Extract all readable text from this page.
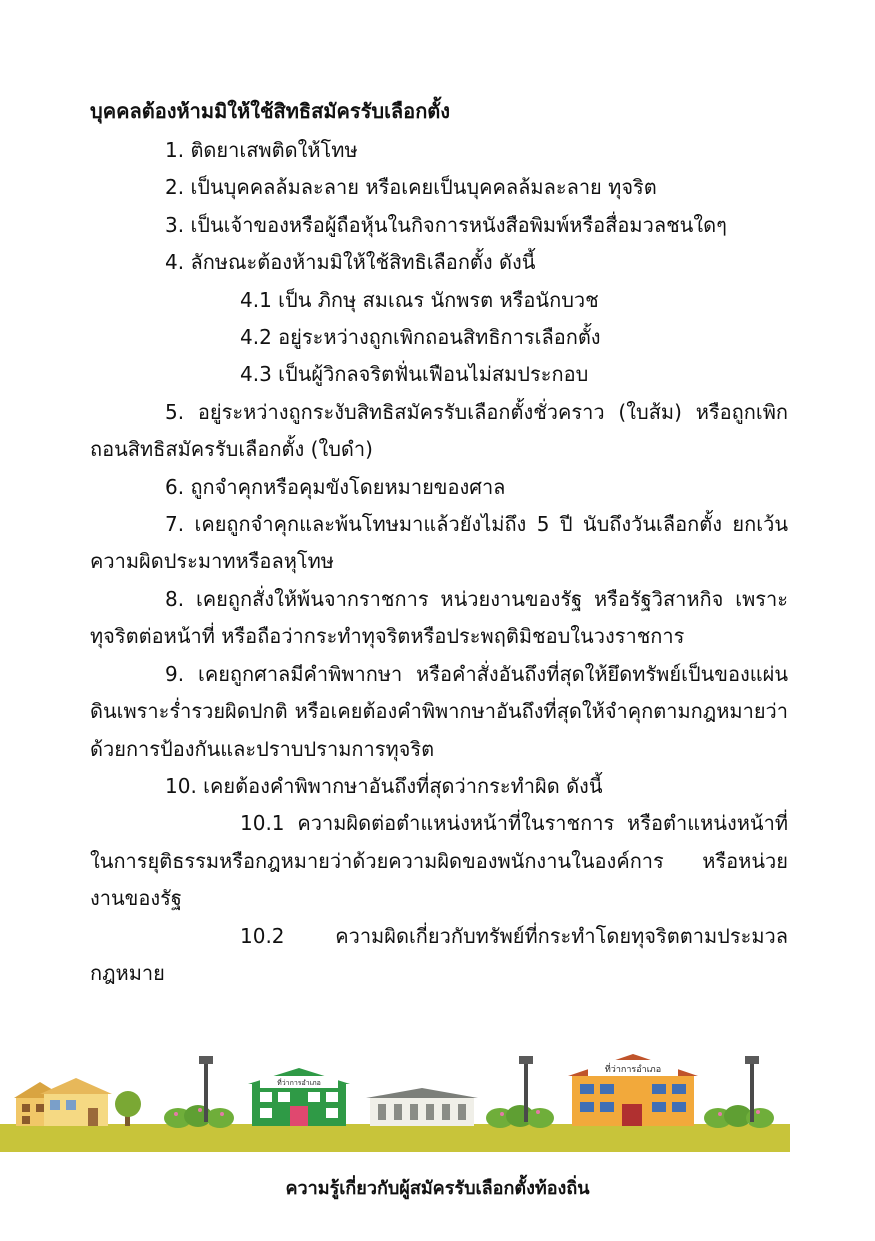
บุคคลต้องห้ามมิให้ใช้สิทธิสมัครรับเลือกตั้ง

1. ติดยาเสพติดให้โทษ

2. เป็นบุคคลล้มละลาย หรือเคยเป็นบุคคลล้มละลาย ทุจริต

3. เป็นเจ้าของหรือผู้ถือหุ้นในกิจการหนังสือพิมพ์หรือสื่อมวลชนใดๆ

4. ลักษณะต้องห้ามมิให้ใช้สิทธิเลือกตั้ง ดังนี้

4.1 เป็น ภิกษุ สมเณร นักพรต หรือนักบวช

4.2 อยู่ระหว่างถูกเพิกถอนสิทธิการเลือกตั้ง

4.3 เป็นผู้วิกลจริตฟั่นเฟือนไม่สมประกอบ

5. อยู่ระหว่างถูกระงับสิทธิสมัครรับเลือกตั้งชั่วคราว (ใบส้ม) หรือถูกเพิกถอนสิทธิสมัครรับเลือกตั้ง (ใบดำ)

6. ถูกจำคุกหรือคุมขังโดยหมายของศาล

7. เคยถูกจำคุกและพ้นโทษมาแล้วยังไม่ถึง 5 ปี นับถึงวันเลือกตั้ง ยกเว้นความผิดประมาทหรือลหุโทษ

8. เคยถูกสั่งให้พ้นจากราชการ หน่วยงานของรัฐ หรือรัฐวิสาหกิจ เพราะทุจริตต่อหน้าที่ หรือถือว่ากระทำทุจริตหรือประพฤติมิชอบในวงราชการ

9. เคยถูกศาลมีคำพิพากษา หรือคำสั่งอันถึงที่สุดให้ยึดทรัพย์เป็นของแผ่นดินเพราะร่ำรวยผิดปกติ หรือเคยต้องคำพิพากษาอันถึงที่สุดให้จำคุกตามกฎหมายว่าด้วยการป้องกันและปราบปรามการทุจริต

10. เคยต้องคำพิพากษาอันถึงที่สุดว่ากระทำผิด ดังนี้

10.1 ความผิดต่อตำแหน่งหน้าที่ในราชการ หรือตำแหน่งหน้าที่ในการยุติธรรมหรือกฎหมายว่าด้วยความผิดของพนักงานในองค์การ หรือหน่วยงานของรัฐ

10.2 ความผิดเกี่ยวกับทรัพย์ที่กระทำโดยทุจริตตามประมวลกฎหมาย

ที่ว่าการอำเภอ
ที่ว่าการอำเภอ
ความรู้เกี่ยวกับผู้สมัครรับเลือกตั้งท้องถิ่น
